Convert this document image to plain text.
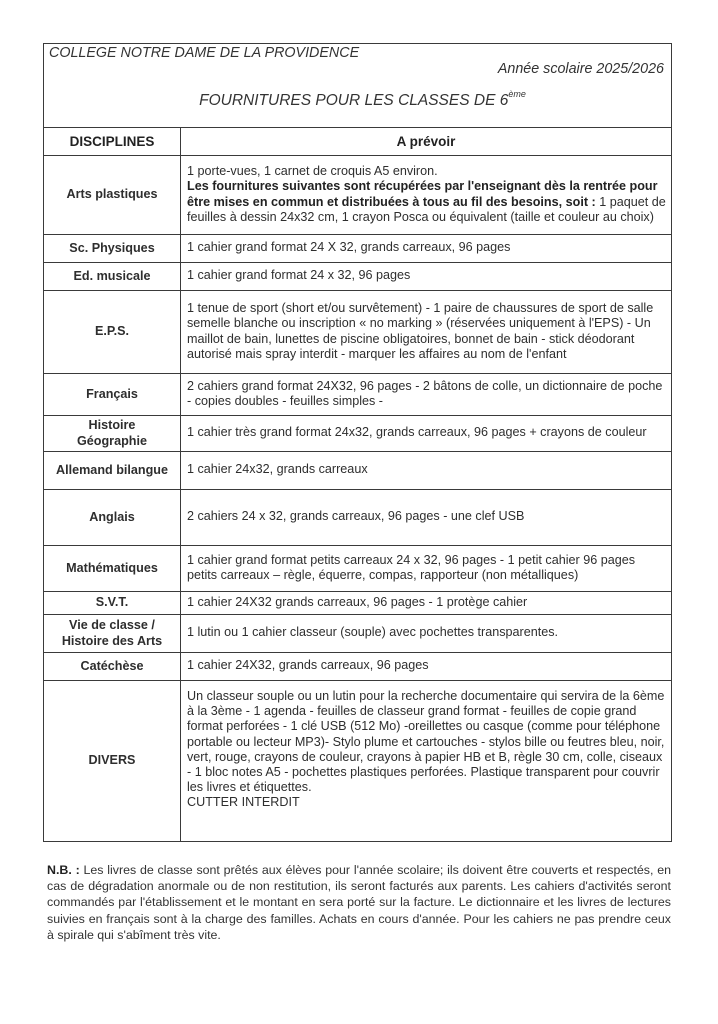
COLLEGE NOTRE DAME DE LA PROVIDENCE
Année scolaire 2025/2026
FOURNITURES POUR LES CLASSES DE 6ème
DISCIPLINES	A prévoir
Arts plastiques	1 porte-vues, 1 carnet de croquis A5 environ.
Les fournitures suivantes sont récupérées par l'enseignant dès la rentrée pour être mises en commun et distribuées à tous au fil des besoins, soit : 1 paquet de feuilles à dessin 24x32 cm, 1 crayon Posca ou équivalent (taille et couleur au choix)

Sc. Physiques	1 cahier grand format 24 X 32, grands carreaux, 96 pages
Ed. musicale	1 cahier grand format 24 x 32, 96 pages
E.P.S.	1 tenue de sport (short et/ou survêtement) - 1 paire de chaussures de sport de salle semelle blanche ou inscription « no marking » (réservées uniquement à l'EPS) - Un maillot de bain, lunettes de piscine obligatoires, bonnet de bain - stick déodorant autorisé mais spray interdit - marquer les affaires au nom de l'enfant
Français	2 cahiers grand format 24X32, 96 pages - 2 bâtons de colle, un dictionnaire de poche - copies doubles - feuilles simples -

Histoire
Géographie	1 cahier très grand format 24x32, grands carreaux, 96 pages + crayons de couleur
Allemand bilangue	1 cahier 24x32, grands carreaux
Anglais	2 cahiers 24 x 32, grands carreaux, 96 pages - une clef USB
Mathématiques	1 cahier grand format petits carreaux 24 x 32, 96 pages - 1 petit cahier 96 pages petits carreaux – règle, équerre, compas, rapporteur (non métalliques)
S.V.T.	1 cahier 24X32 grands carreaux, 96 pages - 1 protège cahier

Vie de classe /
Histoire des Arts	1 lutin ou 1 cahier classeur (souple) avec pochettes transparentes.
Catéchèse	1 cahier 24X32, grands carreaux, 96 pages
DIVERS	Un classeur souple ou un lutin pour la recherche documentaire qui servira de la 6ème à la 3ème - 1 agenda - feuilles de classeur grand format - feuilles de copie grand format perforées - 1 clé USB (512 Mo) -oreillettes ou casque (comme pour téléphone portable ou lecteur MP3)- Stylo plume et cartouches - stylos bille ou feutres bleu, noir, vert, rouge, crayons de couleur, crayons à papier HB et B, règle 30 cm, colle, ciseaux - 1 bloc notes A5 - pochettes plastiques perforées. Plastique transparent pour couvrir les livres et étiquettes.
CUTTER INTERDIT
N.B. : Les livres de classe sont prêtés aux élèves pour l'année scolaire; ils doivent être couverts et respectés, en cas de dégradation anormale ou de non restitution, ils seront facturés aux parents. Les cahiers d'activités seront commandés par l'établissement et le montant en sera porté sur la facture. Le dictionnaire et les livres de lectures suivies en français sont à la charge des familles. Achats en cours d'année. Pour les cahiers ne pas prendre ceux à spirale qui s'abîment très vite.
